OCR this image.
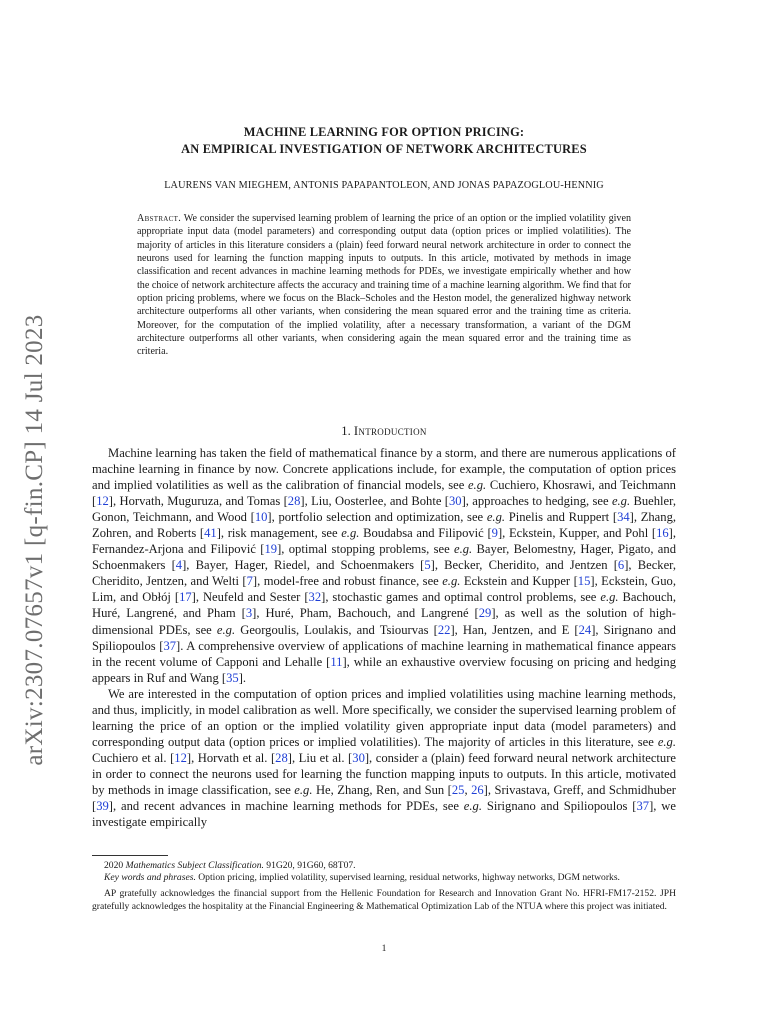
arXiv:2307.07657v1 [q-fin.CP] 14 Jul 2023
MACHINE LEARNING FOR OPTION PRICING:
AN EMPIRICAL INVESTIGATION OF NETWORK ARCHITECTURES
LAURENS VAN MIEGHEM, ANTONIS PAPAPANTOLEON, AND JONAS PAPAZOGLOU-HENNIG
Abstract. We consider the supervised learning problem of learning the price of an option or the implied volatility given appropriate input data (model parameters) and corresponding output data (option prices or implied volatilities). The majority of articles in this literature considers a (plain) feed forward neural network architecture in order to connect the neurons used for learning the function mapping inputs to outputs. In this article, motivated by methods in image classification and recent advances in machine learning methods for PDEs, we investigate empirically whether and how the choice of network architecture affects the accuracy and training time of a machine learning algorithm. We find that for option pricing problems, where we focus on the Black–Scholes and the Heston model, the generalized highway network architecture outperforms all other variants, when considering the mean squared error and the training time as criteria. Moreover, for the computation of the implied volatility, after a necessary transformation, a variant of the DGM architecture outperforms all other variants, when considering again the mean squared error and the training time as criteria.
1. Introduction

Machine learning has taken the field of mathematical finance by a storm, and there are numerous applications of machine learning in finance by now. Concrete applications include, for example, the computation of option prices and implied volatilities as well as the calibration of financial models, see e.g. Cuchiero, Khosrawi, and Teichmann [12], Horvath, Muguruza, and Tomas [28], Liu, Oosterlee, and Bohte [30], approaches to hedging, see e.g. Buehler, Gonon, Teichmann, and Wood [10], portfolio selection and optimization, see e.g. Pinelis and Ruppert [34], Zhang, Zohren, and Roberts [41], risk management, see e.g. Boudabsa and Filipović [9], Eckstein, Kupper, and Pohl [16], Fernandez-Arjona and Filipović [19], optimal stopping problems, see e.g. Bayer, Belomestny, Hager, Pigato, and Schoenmakers [4], Bayer, Hager, Riedel, and Schoenmakers [5], Becker, Cheridito, and Jentzen [6], Becker, Cheridito, Jentzen, and Welti [7], model-free and robust finance, see e.g. Eckstein and Kupper [15], Eckstein, Guo, Lim, and Obłój [17], Neufeld and Sester [32], stochastic games and optimal control problems, see e.g. Bachouch, Huré, Langrené, and Pham [3], Huré, Pham, Bachouch, and Langrené [29], as well as the solution of high-dimensional PDEs, see e.g. Georgoulis, Loulakis, and Tsiourvas [22], Han, Jentzen, and E [24], Sirignano and Spiliopoulos [37]. A comprehensive overview of applications of machine learning in mathematical finance appears in the recent volume of Capponi and Lehalle [11], while an exhaustive overview focusing on pricing and hedging appears in Ruf and Wang [35].

We are interested in the computation of option prices and implied volatilities using machine learning methods, and thus, implicitly, in model calibration as well. More specifically, we consider the supervised learning problem of learning the price of an option or the implied volatility given appropriate input data (model parameters) and corresponding output data (option prices or implied volatilities). The majority of articles in this literature, see e.g. Cuchiero et al. [12], Horvath et al. [28], Liu et al. [30], consider a (plain) feed forward neural network architecture in order to connect the neurons used for learning the function mapping inputs to outputs. In this article, motivated by methods in image classification, see e.g. He, Zhang, Ren, and Sun [25, 26], Srivastava, Greff, and Schmidhuber [39], and recent advances in machine learning methods for PDEs, see e.g. Sirignano and Spiliopoulos [37], we investigate empirically

2020 Mathematics Subject Classification. 91G20, 91G60, 68T07.

Key words and phrases. Option pricing, implied volatility, supervised learning, residual networks, highway networks, DGM networks.

AP gratefully acknowledges the financial support from the Hellenic Foundation for Research and Innovation Grant No. HFRI-FM17-2152. JPH gratefully acknowledges the hospitality at the Financial Engineering & Mathematical Optimization Lab of the NTUA where this project was initiated.

1
